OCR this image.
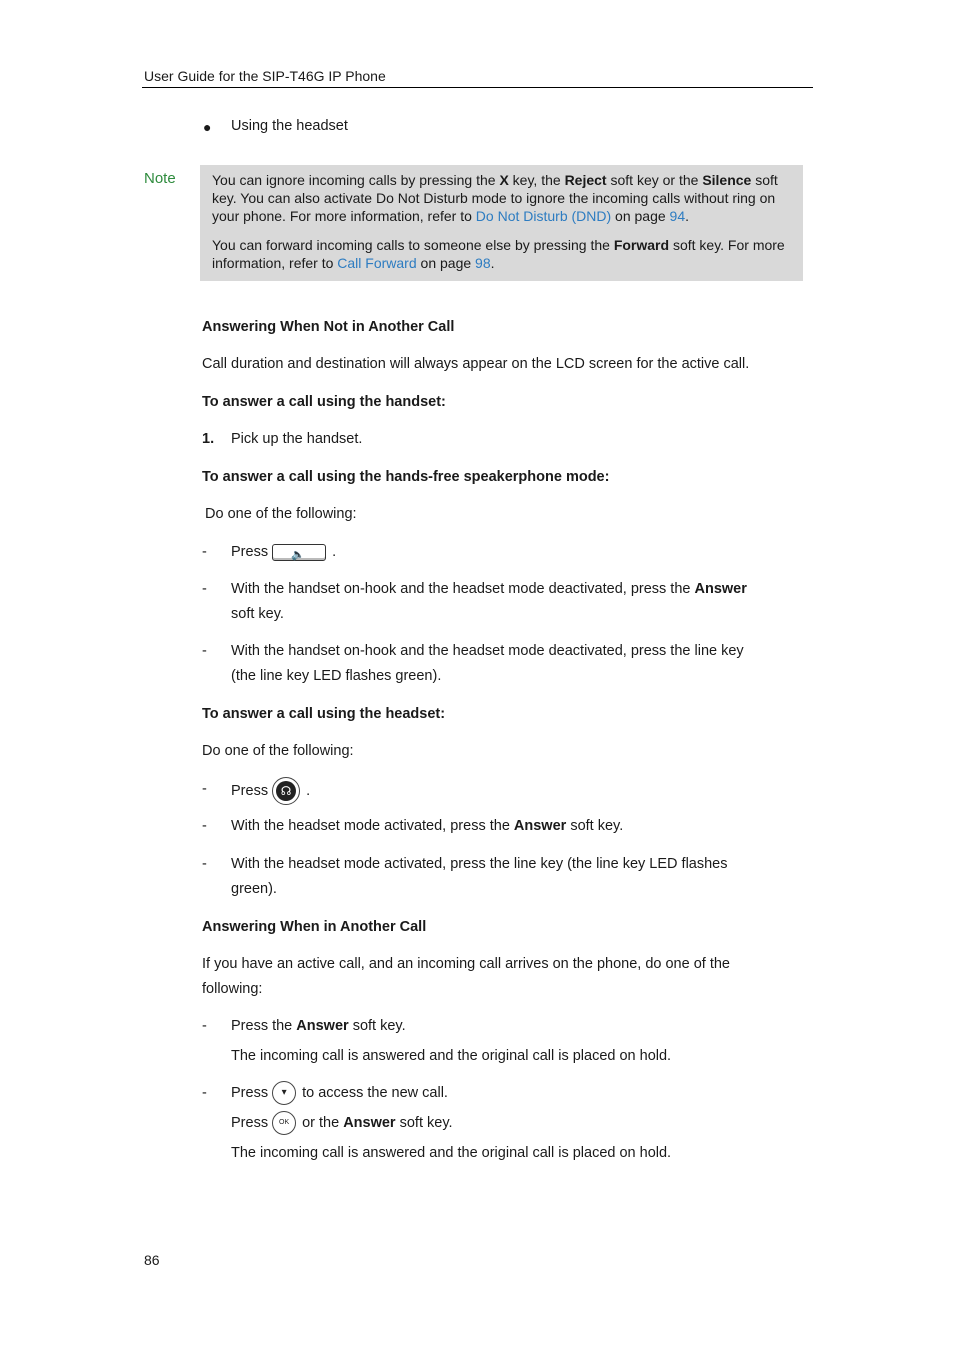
User Guide for the SIP-T46G IP Phone
● Using the headset
Note	You can ignore incoming calls by pressing the X key, the Reject soft key or the Silence soft key. You can also activate Do Not Disturb mode to ignore the incoming calls without ring on your phone. For more information, refer to Do Not Disturb (DND) on page 94.

You can forward incoming calls to someone else by pressing the Forward soft key. For more information, refer to Call Forward on page 98.

Answering When Not in Another Call
Call duration and destination will always appear on the LCD screen for the active call.
To answer a call using the handset:
1. Pick up the handset.
To answer a call using the hands-free speakerphone mode:
Do one of the following:
- Press 🔈 .
- With the handset on-hook and the headset mode deactivated, press the Answer
soft key.
- With the handset on-hook and the headset mode deactivated, press the line key
(the line key LED flashes green).
To answer a call using the headset:
Do one of the following:
- Press	☊	.
- With the headset mode activated, press the Answer soft key.
- With the headset mode activated, press the line key (the line key LED flashes
green).
Answering When in Another Call
If you have an active call, and an incoming call arrives on the phone, do one of the
following:
- Press the Answer soft key.
The incoming call is answered and the original call is placed on hold.
- Press ▾ to access the new call.
Press OK or the Answer soft key.
The incoming call is answered and the original call is placed on hold.
86
